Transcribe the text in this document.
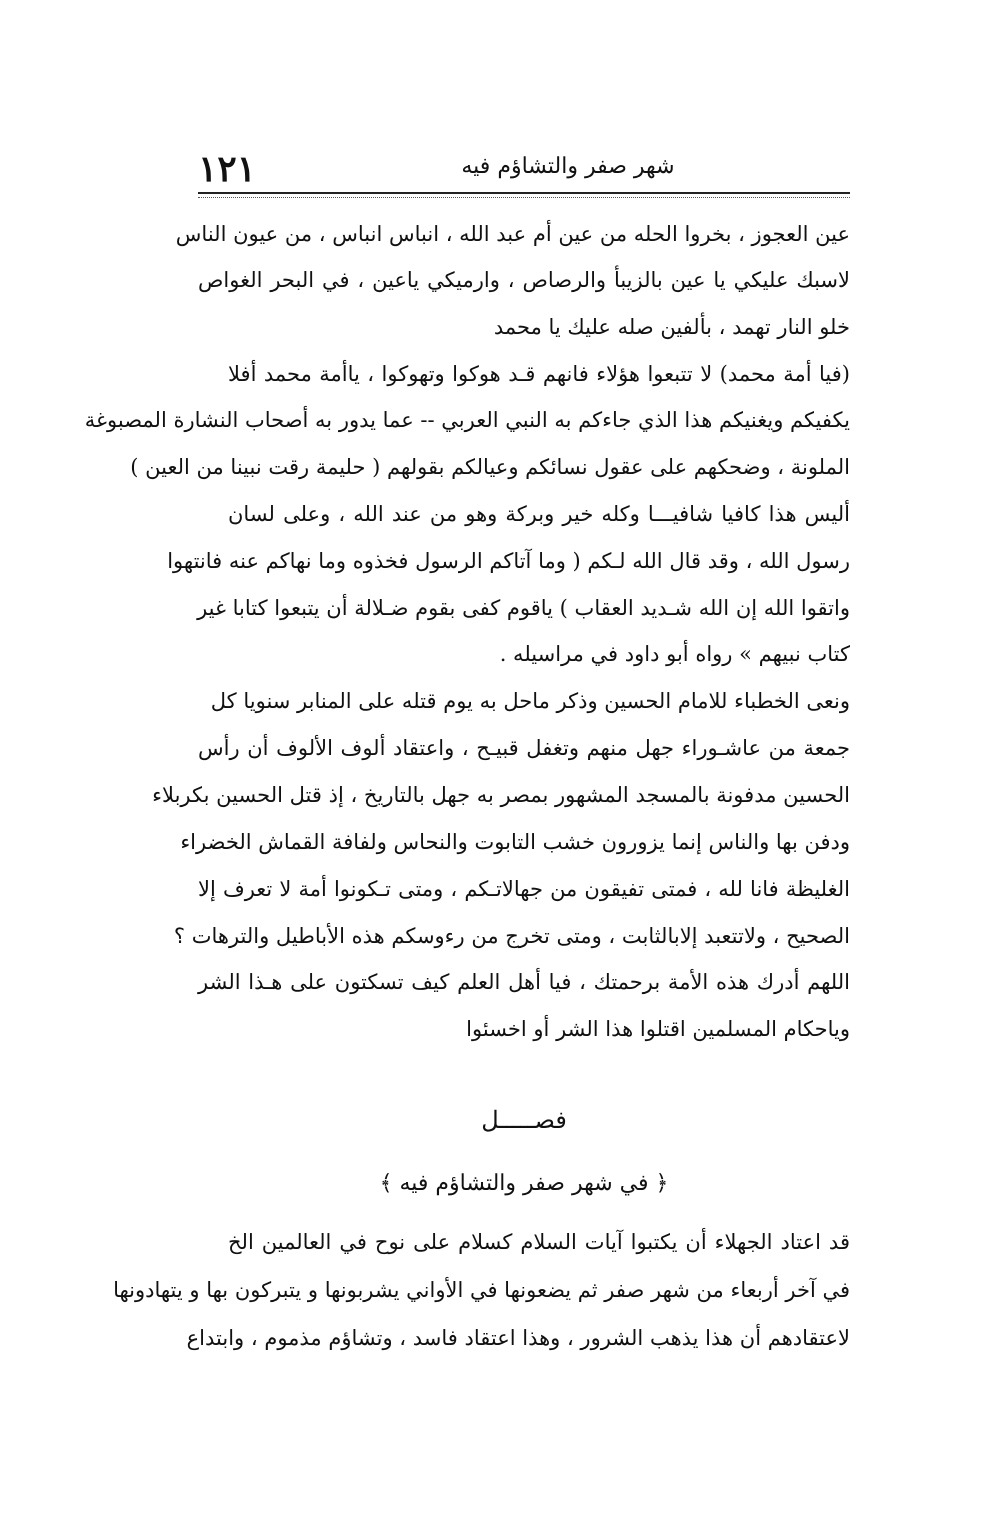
١٢١	شهر صفر والتشاؤم فيه
عين العجوز ، بخروا الحله من عين أم عبد الله ، انباس انباس ، من عيون الناس
لاسبك عليكي يا عين بالزيبأ والرصاص ، وارميكي ياعين ، في البحر الغواص
خلو النار تهمد ، بألفين صله عليك يا محمد
(فيا أمة محمد) لا تتبعوا هؤلاء فانهم قـد هوكوا وتهوكوا ، ياأمة محمد أفلا
يكفيكم ويغنيكم هذا الذي جاءكم به النبي العربي -- عما يدور به أصحاب النشارة المصبوغة
الملونة ، وضحكهم على عقول نسائكم وعيالكم بقولهم ( حليمة رقت نبينا من العين )
أليس هذا كافيا شافيـــا وكله خير وبركة وهو من عند الله ، وعلى لسان
رسول الله ، وقد قال الله لـكم ( وما آتاكم الرسول فخذوه وما نهاكم عنه فانتهوا
واتقوا الله إن الله شـديد العقاب ) ياقوم كفى بقوم ضـلالة أن يتبعوا كتابا غير
كتاب نبيهم » رواه أبو داود في مراسيله .
ونعى الخطباء للامام الحسين وذكر ماحل به يوم قتله على المنابر سنويا كل
جمعة من عاشـوراء جهل منهم وتغفل قبيـح ، واعتقاد ألوف الألوف أن رأس
الحسين مدفونة بالمسجد المشهور بمصر به جهل بالتاريخ ، إذ قتل الحسين بكربلاء
ودفن بها والناس إنما يزورون خشب التابوت والنحاس ولفافة القماش الخضراء
الغليظة فانا لله ، فمتى تفيقون من جهالاتـكم ، ومتى تـكونوا أمة لا تعرف إلا
الصحيح ، ولاتتعبد إلابالثابت ، ومتى تخرج من رءوسكم هذه الأباطيل والترهات ؟
اللهم أدرك هذه الأمة برحمتك ، فيا أهل العلم كيف تسكتون على هـذا الشر
وياحكام المسلمين اقتلوا هذا الشر أو اخسئوا
فصـــــل
﴿ في شهر صفر والتشاؤم فيه ﴾
قد اعتاد الجهلاء أن يكتبوا آيات السلام كسلام على نوح في العالمين الخ
في آخر أربعاء من شهر صفر ثم يضعونها في الأواني يشربونها و يتبركون بها و يتهادونها
لاعتقادهم أن هذا يذهب الشرور ، وهذا اعتقاد فاسد ، وتشاؤم مذموم ، وابتداع
